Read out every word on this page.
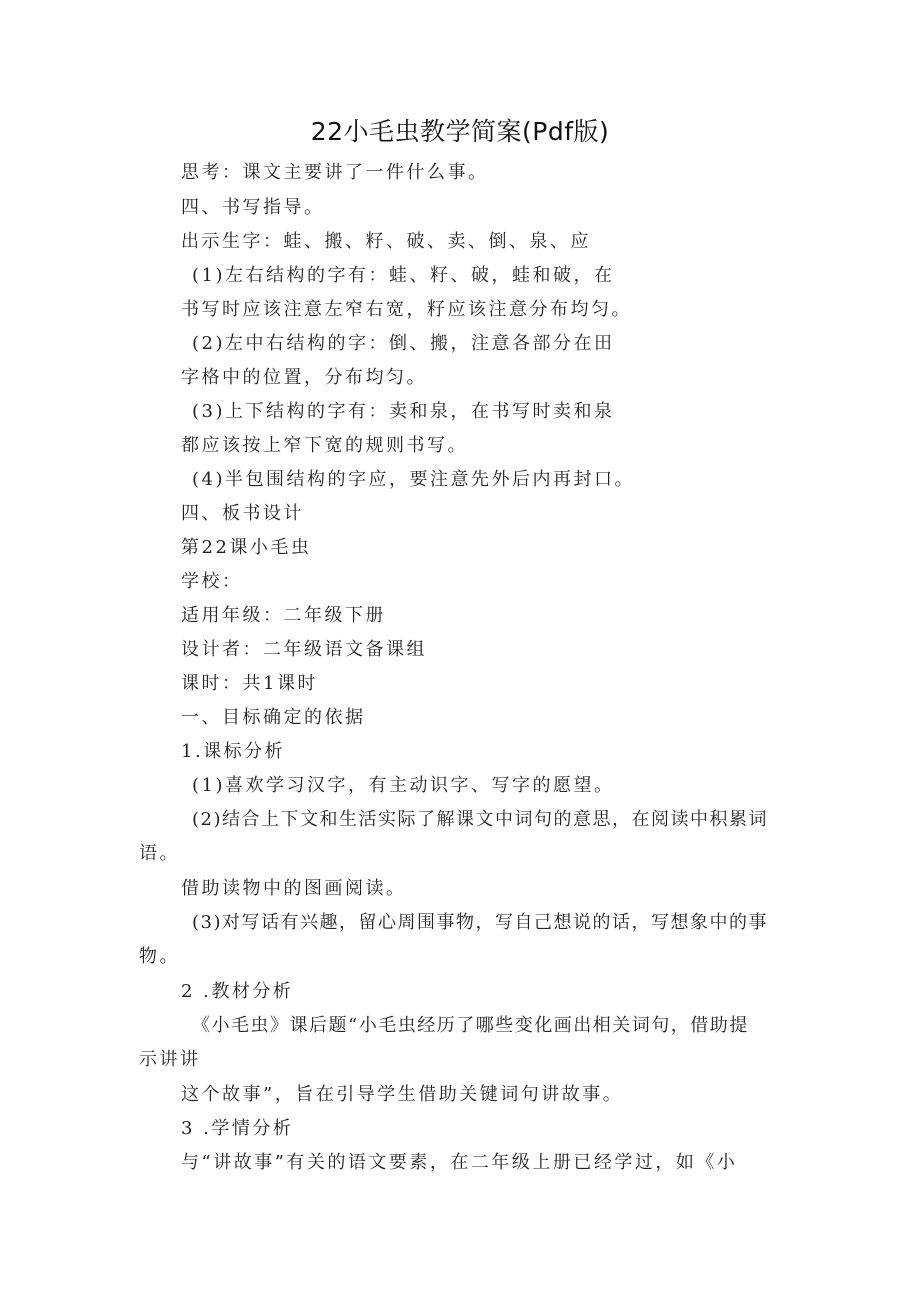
22小毛虫教学简案(Pdf版)
思考：课文主要讲了一件什么事。
四、书写指导。
出示生字：蛙、搬、籽、破、卖、倒、泉、应
(1)左右结构的字有：蛙、籽、破，蛙和破，在
书写时应该注意左窄右宽，籽应该注意分布均匀。
(2)左中右结构的字：倒、搬，注意各部分在田
字格中的位置，分布均匀。
(3)上下结构的字有：卖和泉，在书写时卖和泉
都应该按上窄下宽的规则书写。
(4)半包围结构的字应，要注意先外后内再封口。
四、板书设计
第22课小毛虫
学校：
适用年级：二年级下册
设计者：二年级语文备课组
课时：共1课时
一、目标确定的依据
1.课标分析
(1)喜欢学习汉字，有主动识字、写字的愿望。
(2)结合上下文和生活实际了解课文中词句的意思，在阅读中积累词
语。
借助读物中的图画阅读。
(3)对写话有兴趣，留心周围事物，写自己想说的话，写想象中的事
物。
2 .教材分析
《小毛虫》课后题“小毛虫经历了哪些变化画出相关词句，借助提
示讲讲
这个故事”，旨在引导学生借助关键词句讲故事。
3 .学情分析
与“讲故事”有关的语文要素，在二年级上册已经学过，如《小
